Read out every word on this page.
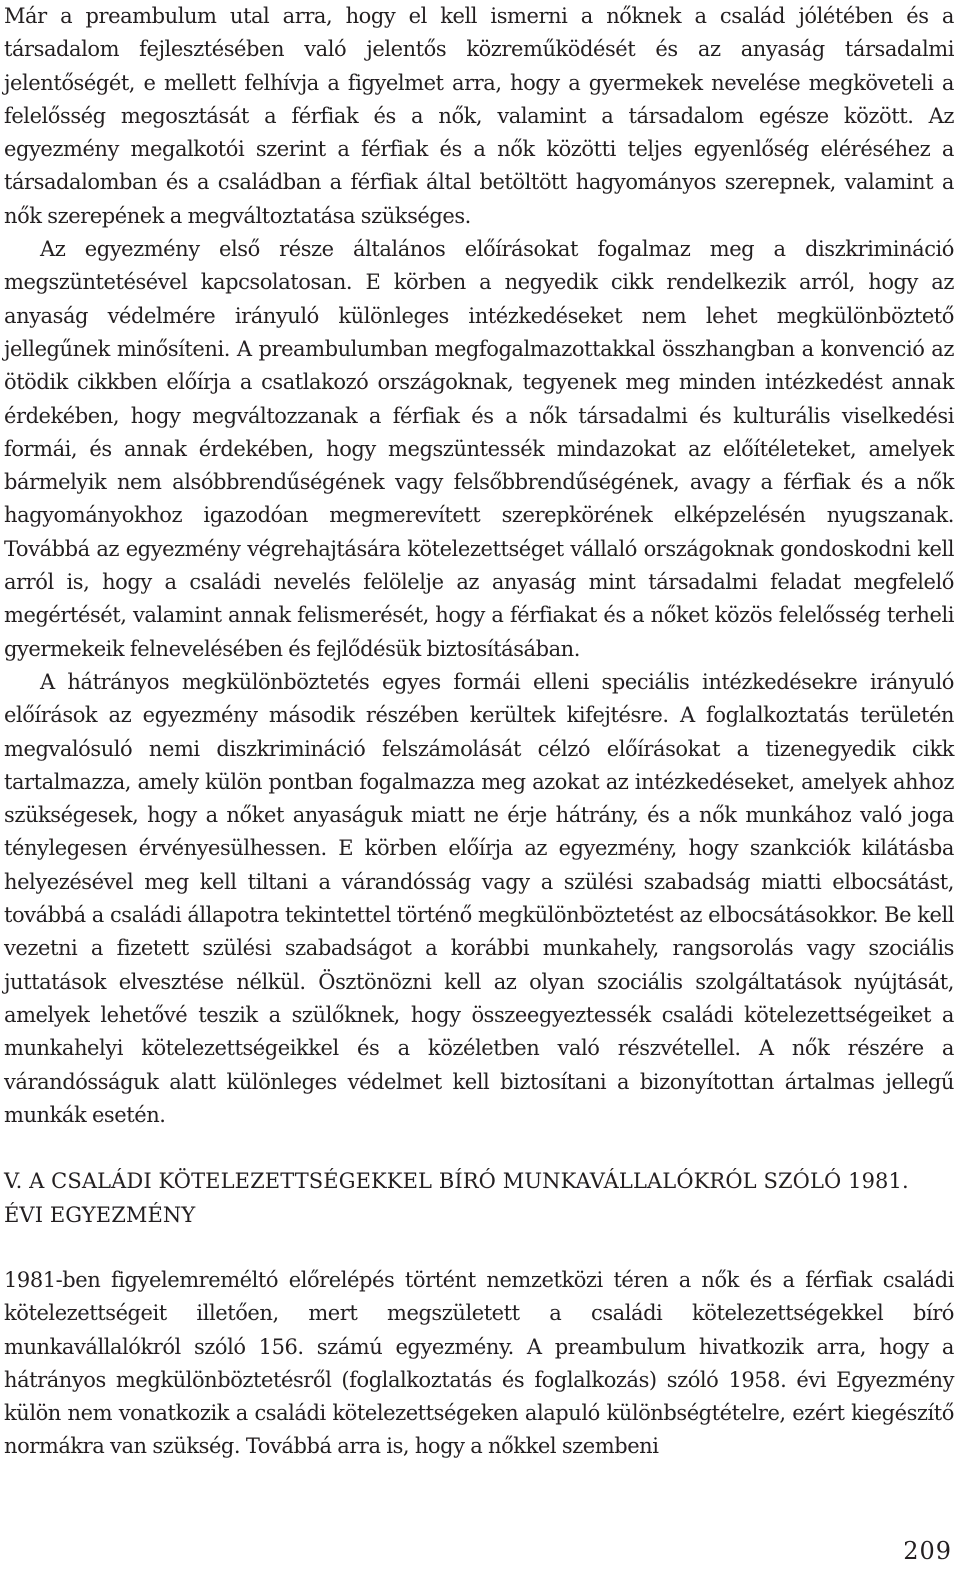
Már a preambulum utal arra, hogy el kell ismerni a nőknek a család jólétében és a társadalom fejlesztésében való jelentős közreműködését és az anyaság társadalmi jelentőségét, e mellett felhívja a figyelmet arra, hogy a gyermekek nevelése megköveteli a felelősség megosztását a férfiak és a nők, valamint a társadalom egésze között. Az egyezmény megalkotói szerint a férfiak és a nők közötti teljes egyenlőség eléréséhez a társadalomban és a családban a férfiak által betöltött hagyományos szerepnek, valamint a nők szerepének a megváltoztatása szükséges.

Az egyezmény első része általános előírásokat fogalmaz meg a diszkrimináció megszüntetésével kapcsolatosan. E körben a negyedik cikk rendelkezik arról, hogy az anyaság védelmére irányuló különleges intézkedéseket nem lehet megkülönböztető jellegűnek minősíteni. A preambulumban megfogalmazottakkal összhangban a konvenció az ötödik cikkben előírja a csatlakozó országoknak, tegyenek meg minden intézkedést annak érdekében, hogy megváltozzanak a férfiak és a nők társadalmi és kulturális viselkedési formái, és annak érdekében, hogy megszüntessék mindazokat az előítéleteket, amelyek bármelyik nem alsóbbrendűségének vagy felsőbbrendűségének, avagy a férfiak és a nők hagyományokhoz igazodóan megmerevített szerepkörének elképzelésén nyugszanak. Továbbá az egyezmény végrehajtására kötelezettséget vállaló országoknak gondoskodni kell arról is, hogy a családi nevelés felölelje az anyaság mint társadalmi feladat megfelelő megértését, valamint annak felismerését, hogy a férfiakat és a nőket közös felelősség terheli gyermekeik felnevelésében és fejlődésük biztosításában.

A hátrányos megkülönböztetés egyes formái elleni speciális intézkedésekre irányuló előírások az egyezmény második részében kerültek kifejtésre. A foglalkoztatás területén megvalósuló nemi diszkrimináció felszámolását célzó előírásokat a tizenegyedik cikk tartalmazza, amely külön pontban fogalmazza meg azokat az intézkedéseket, amelyek ahhoz szükségesek, hogy a nőket anyaságuk miatt ne érje hátrány, és a nők munkához való joga ténylegesen érvényesülhessen. E körben előírja az egyezmény, hogy szankciók kilátásba helyezésével meg kell tiltani a várandósság vagy a szülési szabadság miatti elbocsátást, továbbá a családi állapotra tekintettel történő megkülönböztetést az elbocsátásokkor. Be kell vezetni a fizetett szülési szabadságot a korábbi munkahely, rangsorolás vagy szociális juttatások elvesztése nélkül. Ösztönözni kell az olyan szociális szolgáltatások nyújtását, amelyek lehetővé teszik a szülőknek, hogy összeegyeztessék családi kötelezettségeiket a munkahelyi kötelezettségeikkel és a közéletben való részvétellel. A nők részére a várandósságuk alatt különleges védelmet kell biztosítani a bizonyítottan ártalmas jellegű munkák esetén.

V. A CSALÁDI KÖTELEZETTSÉGEKKEL BÍRÓ MUNKAVÁLLALÓKRÓL SZÓLÓ 1981. ÉVI EGYEZMÉNY

1981-ben figyelemreméltó előrelépés történt nemzetközi téren a nők és a férfiak családi kötelezettségeit illetően, mert megszületett a családi kötelezettségekkel bíró munkavállalókról szóló 156. számú egyezmény. A preambulum hivatkozik arra, hogy a hátrányos megkülönböztetésről (foglalkoztatás és foglalkozás) szóló 1958. évi Egyezmény külön nem vonatkozik a családi kötelezettségeken alapuló különbségtételre, ezért kiegészítő normákra van szükség. Továbbá arra is, hogy a nőkkel szembeni

209
